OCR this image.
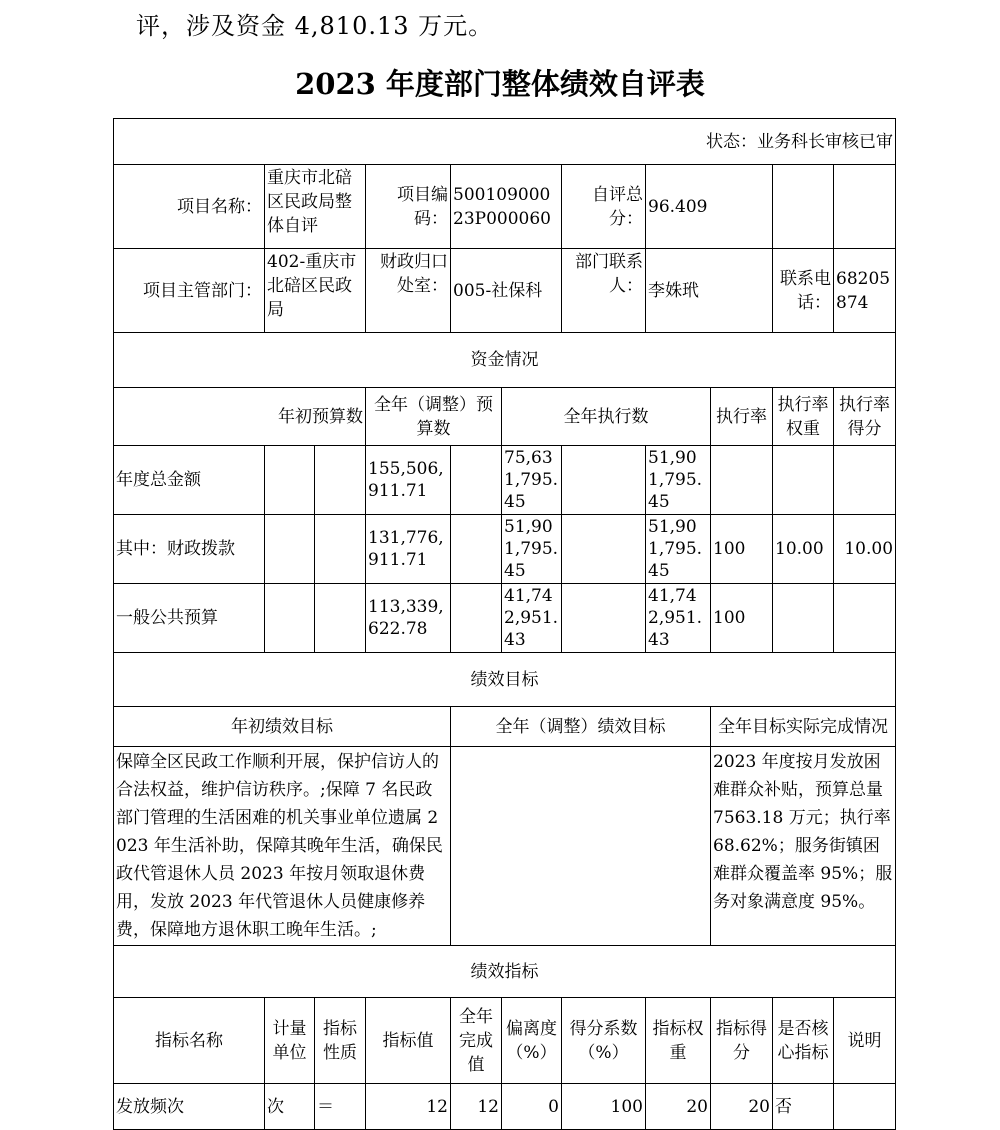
评，涉及资金 4,810.13 万元。
2023 年度部门整体绩效自评表
状态：业务科长审核已审										
项目名称：	重庆市北碚区民政局整体自评		项目编码：	50010900023P000060		自评总分：	96.409			
项目主管部门：	402-重庆市北碚区民政局		财政归口处室：	005-社保科		部门联系人：	李姝玳		联系电话：	68205874
资金情况										
年初预算数			全年（调整）预算数		全年执行数			执行率	执行率权重	执行率得分
年度总金额			155,506,911.71		75,631,795.45		51,901,795.45			
其中：财政拨款			131,776,911.71		51,901,795.45		51,901,795.45	100	10.00	10.00
一般公共预算			113,339,622.78		41,742,951.43		41,742,951.43	100		
绩效目标										
年初绩效目标				全年（调整）绩效目标				全年目标实际完成情况		
保障全区民政工作顺利开展，保护信访人的合法权益，维护信访秩序。;保障 7 名民政部门管理的生活困难的机关事业单位遗属 2023 年生活补助，保障其晚年生活，确保民政代管退休人员 2023 年按月领取退休费用，发放 2023 年代管退休人员健康修养费，保障地方退休职工晚年生活。;								2023 年度按月发放困难群众补贴，预算总量 7563.18 万元；执行率 68.62%；服务街镇困难群众覆盖率 95%；服务对象满意度 95%。		
绩效指标										
指标名称	计量单位	指标性质	指标值	全年完成值	偏离度（%）	得分系数（%）	指标权重	指标得分	是否核心指标	说明
发放频次	次	＝	12	12	0	100	20	20	否	
